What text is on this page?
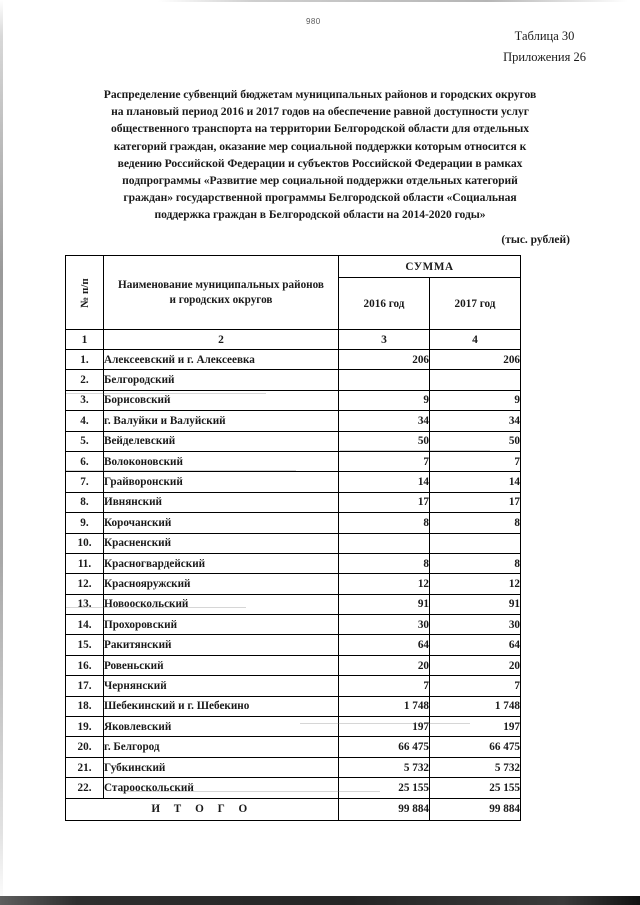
980
Таблица 30
Приложения 26
Распределение субвенций бюджетам муниципальных районов и городских округов
на плановый период 2016 и 2017 годов на обеспечение равной доступности услуг
общественного транспорта на территории Белгородской области для отдельных
категорий граждан, оказание мер социальной поддержки которым относится к
ведению Российской Федерации и субъектов Российской Федерации в рамках
подпрограммы «Развитие мер социальной поддержки отдельных категорий
граждан» государственной программы Белгородской области «Социальная
поддержка граждан в Белгородской области на 2014-2020 годы»
(тыс. рублей)
№ п/п	Наименование муниципальных районов
и городских округов	СУММА	
		2016 год	2017 год
1	2	3	4
1.	Алексеевский и г. Алексеевка	206	206
2.	Белгородский		
3.	Борисовский	9	9
4.	г. Валуйки и Валуйский	34	34
5.	Вейделевский	50	50
6.	Волоконовский	7	7
7.	Грайворонский	14	14
8.	Ивнянский	17	17
9.	Корочанский	8	8
10.	Красненский		
11.	Красногвардейский	8	8
12.	Краснояружский	12	12
13.	Новооскольский	91	91
14.	Прохоровский	30	30
15.	Ракитянский	64	64
16.	Ровеньский	20	20
17.	Чернянский	7	7
18.	Шебекинский и г. Шебекино	1 748	1 748
19.	Яковлевский	197	197
20.	г. Белгород	66 475	66 475
21.	Губкинский	5 732	5 732
22.	Старооскольский	25 155	25 155
И Т О Г О		99 884	99 884
